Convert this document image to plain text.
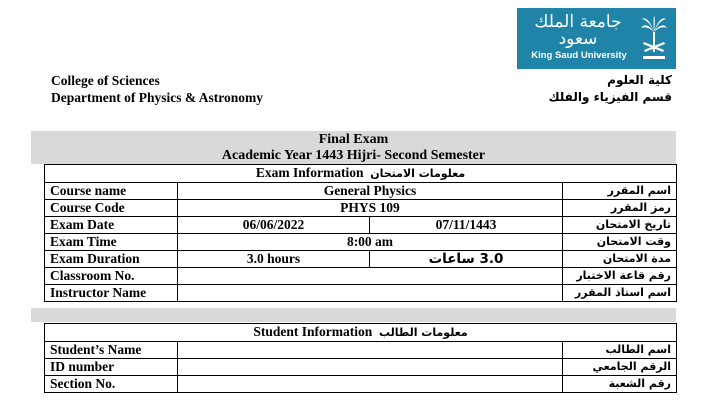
جامعة الملك سعود
King Saud University
College of Sciences
Department of Physics & Astronomy
كلية العلوم
قسم الفيزياء والفلك
Final Exam
Academic Year 1443 Hijri- Second Semester
Exam Information معلومات الامتحان			
Course name	General Physics		اسم المقرر
Course Code	PHYS 109		رمز المقرر
Exam Date	06/06/2022	07/11/1443	تاريخ الامتحان
Exam Time	8:00 am		وقت الامتحان
Exam Duration	3.0 hours	3.0 ساعات	مدة الامتحان
Classroom No.			رقم قاعة الاختبار
Instructor Name			اسم استاذ المقرر
Student Information معلومات الطالب		
Student’s Name		اسم الطالب
ID number		الرقم الجامعي
Section No.		رقم الشعبة
